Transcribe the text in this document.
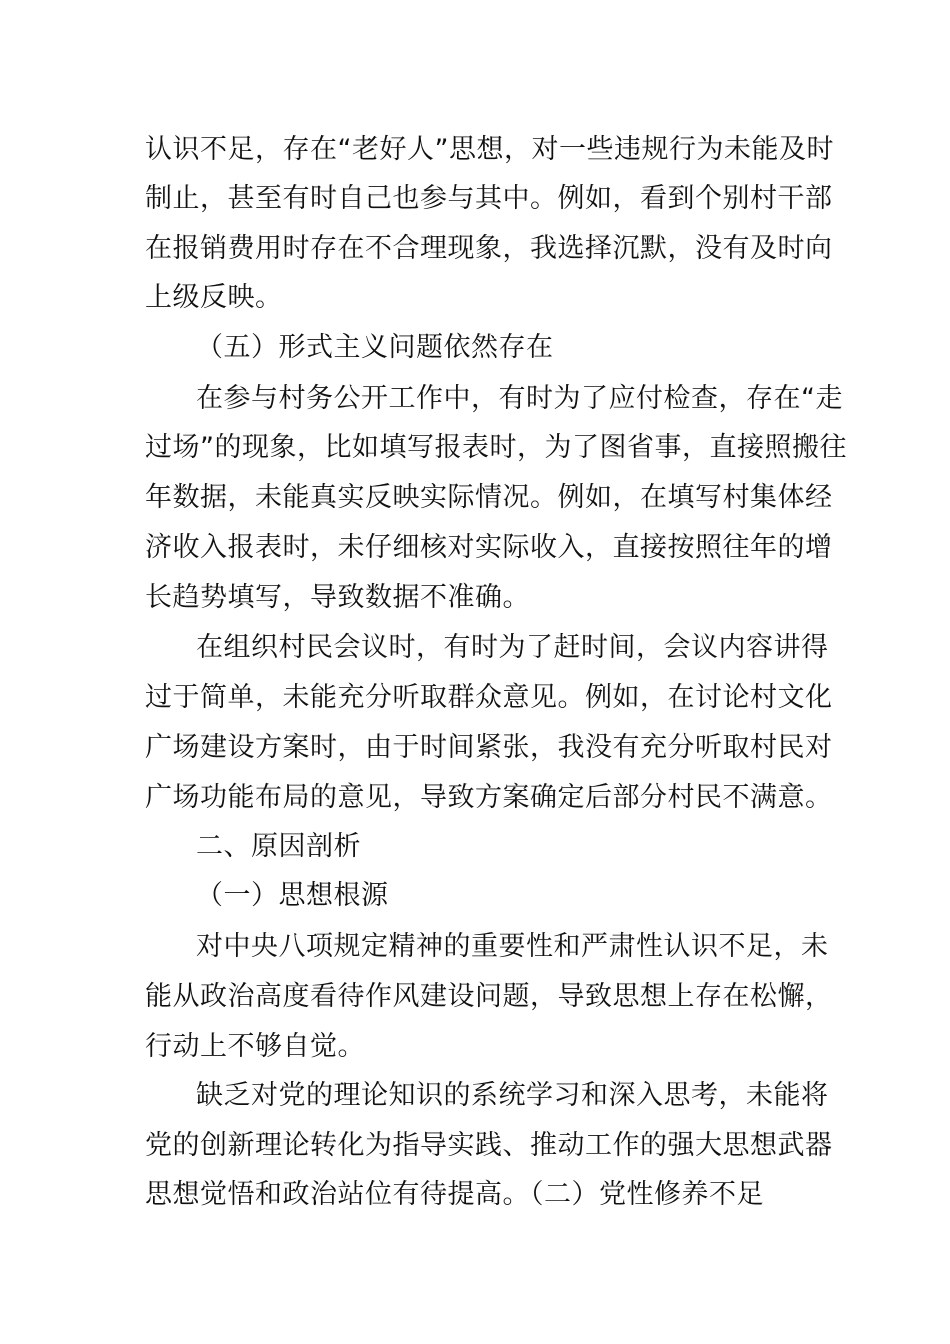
认识不足，存在“老好人”思想，对一些违规行为未能及时
制止，甚至有时自己也参与其中。例如，看到个别村干部
在报销费用时存在不合理现象，我选择沉默，没有及时向
上级反映。
（五）形式主义问题依然存在
在参与村务公开工作中，有时为了应付检查，存在“走
过场”的现象，比如填写报表时，为了图省事，直接照搬往
年数据，未能真实反映实际情况。例如，在填写村集体经
济收入报表时，未仔细核对实际收入，直接按照往年的增
长趋势填写，导致数据不准确。
在组织村民会议时，有时为了赶时间，会议内容讲得
过于简单，未能充分听取群众意见。例如，在讨论村文化
广场建设方案时，由于时间紧张，我没有充分听取村民对
广场功能布局的意见，导致方案确定后部分村民不满意。
二、原因剖析
（一）思想根源
对中央八项规定精神的重要性和严肃性认识不足，未
能从政治高度看待作风建设问题，导致思想上存在松懈，
行动上不够自觉。
缺乏对党的理论知识的系统学习和深入思考，未能将
党的创新理论转化为指导实践、推动工作的强大思想武器
思想觉悟和政治站位有待提高。（二）党性修养不足
